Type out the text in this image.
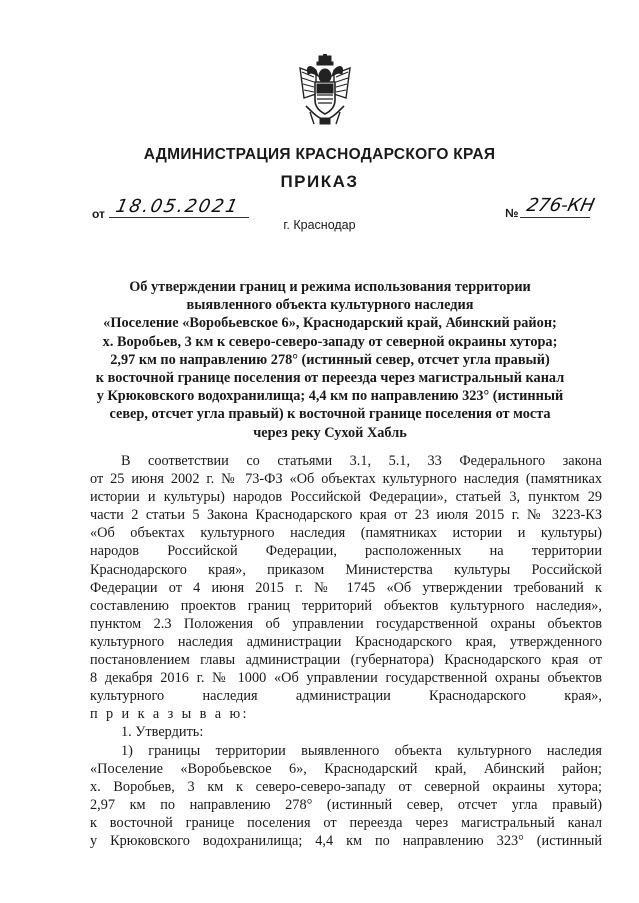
АДМИНИСТРАЦИЯ КРАСНОДАРСКОГО КРАЯ
ПРИКАЗ
от 18.05.2021
г. Краснодар
№ 276-КН
Об утверждении границ и режима использования территории
выявленного объекта культурного наследия
«Поселение «Воробьевское 6», Краснодарский край, Абинский район;
х. Воробьев, 3 км к северо-северо-западу от северной окраины хутора;
2,97 км по направлению 278° (истинный север, отсчет угла правый)
к восточной границе поселения от переезда через магистральный канал
у Крюковского водохранилища; 4,4 км по направлению 323° (истинный
север, отсчет угла правый) к восточной границе поселения от моста
через реку Сухой Хабль
В соответствии со статьями 3.1, 5.1, 33 Федерального закона
от 25 июня 2002 г. № 73-ФЗ «Об объектах культурного наследия (памятниках
истории и культуры) народов Российской Федерации», статьей 3, пунктом 29
части 2 статьи 5 Закона Краснодарского края от 23 июля 2015 г. № 3223-КЗ
«Об объектах культурного наследия (памятниках истории и культуры)
народов Российской Федерации, расположенных на территории
Краснодарского края», приказом Министерства культуры Российской
Федерации от 4 июня 2015 г. № 1745 «Об утверждении требований к
составлению проектов границ территорий объектов культурного наследия»,
пунктом 2.3 Положения об управлении государственной охраны объектов
культурного наследия администрации Краснодарского края, утвержденного
постановлением главы администрации (губернатора) Краснодарского края от
8 декабря 2016 г. № 1000 «Об управлении государственной охраны объектов
культурного наследия администрации Краснодарского края»,
п р и к а з ы в а ю:
1. Утвердить:
1) границы территории выявленного объекта культурного наследия
«Поселение «Воробьевское 6», Краснодарский край, Абинский район;
х. Воробьев, 3 км к северо-северо-западу от северной окраины хутора;
2,97 км по направлению 278° (истинный север, отсчет угла правый)
к восточной границе поселения от переезда через магистральный канал
у Крюковского водохранилища; 4,4 км по направлению 323° (истинный
